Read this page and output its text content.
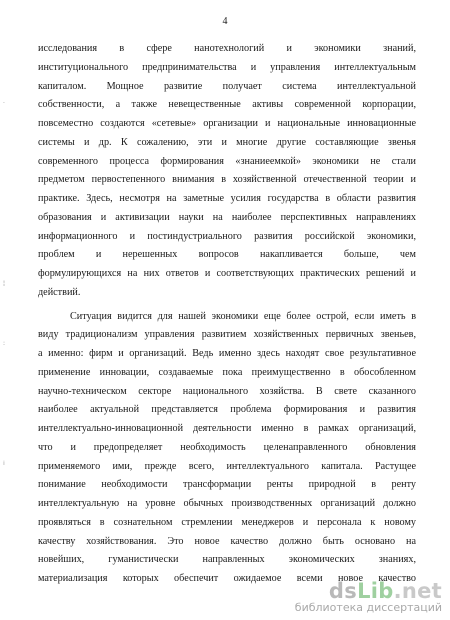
4
·
¦
:
⁞
исследования в сфере нанотехнологий и экономики знаний,
институционального предпринимательства и управления интеллектуальным
капиталом. Мощное развитие получает система интеллектуальной
собственности, а также невещественные активы современной корпорации,
повсеместно создаются «сетевые» организации и национальные инновационные
системы и др. К сожалению, эти и многие другие составляющие звенья
современного процесса формирования «знаниеемкой» экономики не стали
предметом первостепенного внимания в хозяйственной отечественной теории и
практике. Здесь, несмотря на заметные усилия государства в области развития
образования и активизации науки на наиболее перспективных направлениях
информационного и постиндустриального развития российской экономики,
проблем и нерешенных вопросов накапливается больше, чем
формулирующихся на них ответов и соответствующих практических решений и
действий.
Ситуация видится для нашей экономики еще более острой, если иметь в
виду традиционализм управления развитием хозяйственных первичных звеньев,
а именно: фирм и организаций. Ведь именно здесь находят свое результативное
применение инновации, создаваемые пока преимущественно в обособленном
научно-техническом секторе национального хозяйства. В свете сказанного
наиболее актуальной представляется проблема формирования и развития
интеллектуально-инновационной деятельности именно в рамках организаций,
что и предопределяет необходимость целенаправленного обновления
применяемого ими, прежде всего, интеллектуального капитала. Растущее
понимание необходимости трансформации ренты природной в ренту
интеллектуальную на уровне обычных производственных организаций должно
проявляться в сознательном стремлении менеджеров и персонала к новому
качеству хозяйствования. Это новое качество должно быть основано на
новейших, гуманистически направленных экономических знаниях,
материализация которых обеспечит ожидаемое всеми новое качество
dsLib.net
библиотека диссертаций
